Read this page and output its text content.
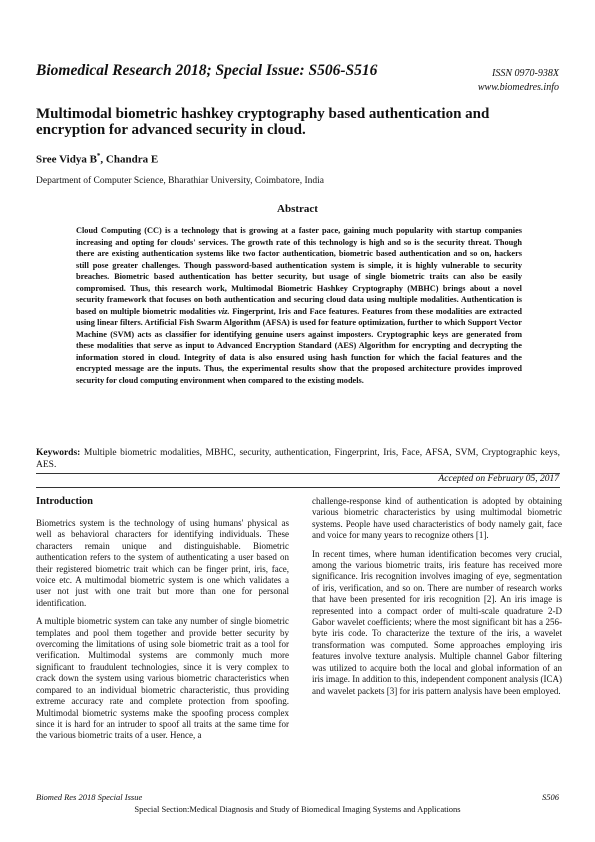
Biomedical Research 2018; Special Issue: S506-S516	ISSN 0970-938X
www.biomedres.info
Multimodal biometric hashkey cryptography based authentication and encryption for advanced security in cloud.
Sree Vidya B*, Chandra E
Department of Computer Science, Bharathiar University, Coimbatore, India
Abstract
Cloud Computing (CC) is a technology that is growing at a faster pace, gaining much popularity with startup companies increasing and opting for clouds' services. The growth rate of this technology is high and so is the security threat. Though there are existing authentication systems like two factor authentication, biometric based authentication and so on, hackers still pose greater challenges. Though password-based authentication system is simple, it is highly vulnerable to security breaches. Biometric based authentication has better security, but usage of single biometric traits can also be easily compromised. Thus, this research work, Multimodal Biometric Hashkey Cryptography (MBHC) brings about a novel security framework that focuses on both authentication and securing cloud data using multiple modalities. Authentication is based on multiple biometric modalities viz. Fingerprint, Iris and Face features. Features from these modalities are extracted using linear filters. Artificial Fish Swarm Algorithm (AFSA) is used for feature optimization, further to which Support Vector Machine (SVM) acts as classifier for identifying genuine users against imposters. Cryptographic keys are generated from these modalities that serve as input to Advanced Encryption Standard (AES) Algorithm for encrypting and decrypting the information stored in cloud. Integrity of data is also ensured using hash function for which the facial features and the encrypted message are the inputs. Thus, the experimental results show that the proposed architecture provides improved security for cloud computing environment when compared to the existing models.
Keywords: Multiple biometric modalities, MBHC, security, authentication, Fingerprint, Iris, Face, AFSA, SVM, Cryptographic keys, AES.
Accepted on February 05, 2017
Introduction

Biometrics system is the technology of using humans' physical as well as behavioral characters for identifying individuals. These characters remain unique and distinguishable. Biometric authentication refers to the system of authenticating a user based on their registered biometric trait which can be finger print, iris, face, voice etc. A multimodal biometric system is one which validates a user not just with one trait but more than one for personal identification.

A multiple biometric system can take any number of single biometric templates and pool them together and provide better security by overcoming the limitations of using sole biometric trait as a tool for verification. Multimodal systems are commonly much more significant to fraudulent technologies, since it is very complex to crack down the system using various biometric characteristics when compared to an individual biometric characteristic, thus providing extreme accuracy rate and complete protection from spoofing. Multimodal biometric systems make the spoofing process complex since it is hard for an intruder to spoof all traits at the same time for the various biometric traits of a user. Hence, a

challenge-response kind of authentication is adopted by obtaining various biometric characteristics by using multimodal biometric systems. People have used characteristics of body namely gait, face and voice for many years to recognize others [1].

In recent times, where human identification becomes very crucial, among the various biometric traits, iris feature has received more significance. Iris recognition involves imaging of eye, segmentation of iris, verification, and so on. There are number of research works that have been presented for iris recognition [2]. An iris image is represented into a compact order of multi-scale quadrature 2-D Gabor wavelet coefficients; where the most significant bit has a 256-byte iris code. To characterize the texture of the iris, a wavelet transformation was computed. Some approaches employing iris features involve texture analysis. Multiple channel Gabor filtering was utilized to acquire both the local and global information of an iris image. In addition to this, independent component analysis (ICA) and wavelet packets [3] for iris pattern analysis have been employed.

Biomed Res 2018 Special Issue	S506
Special Section:Medical Diagnosis and Study of Biomedical Imaging Systems and Applications
